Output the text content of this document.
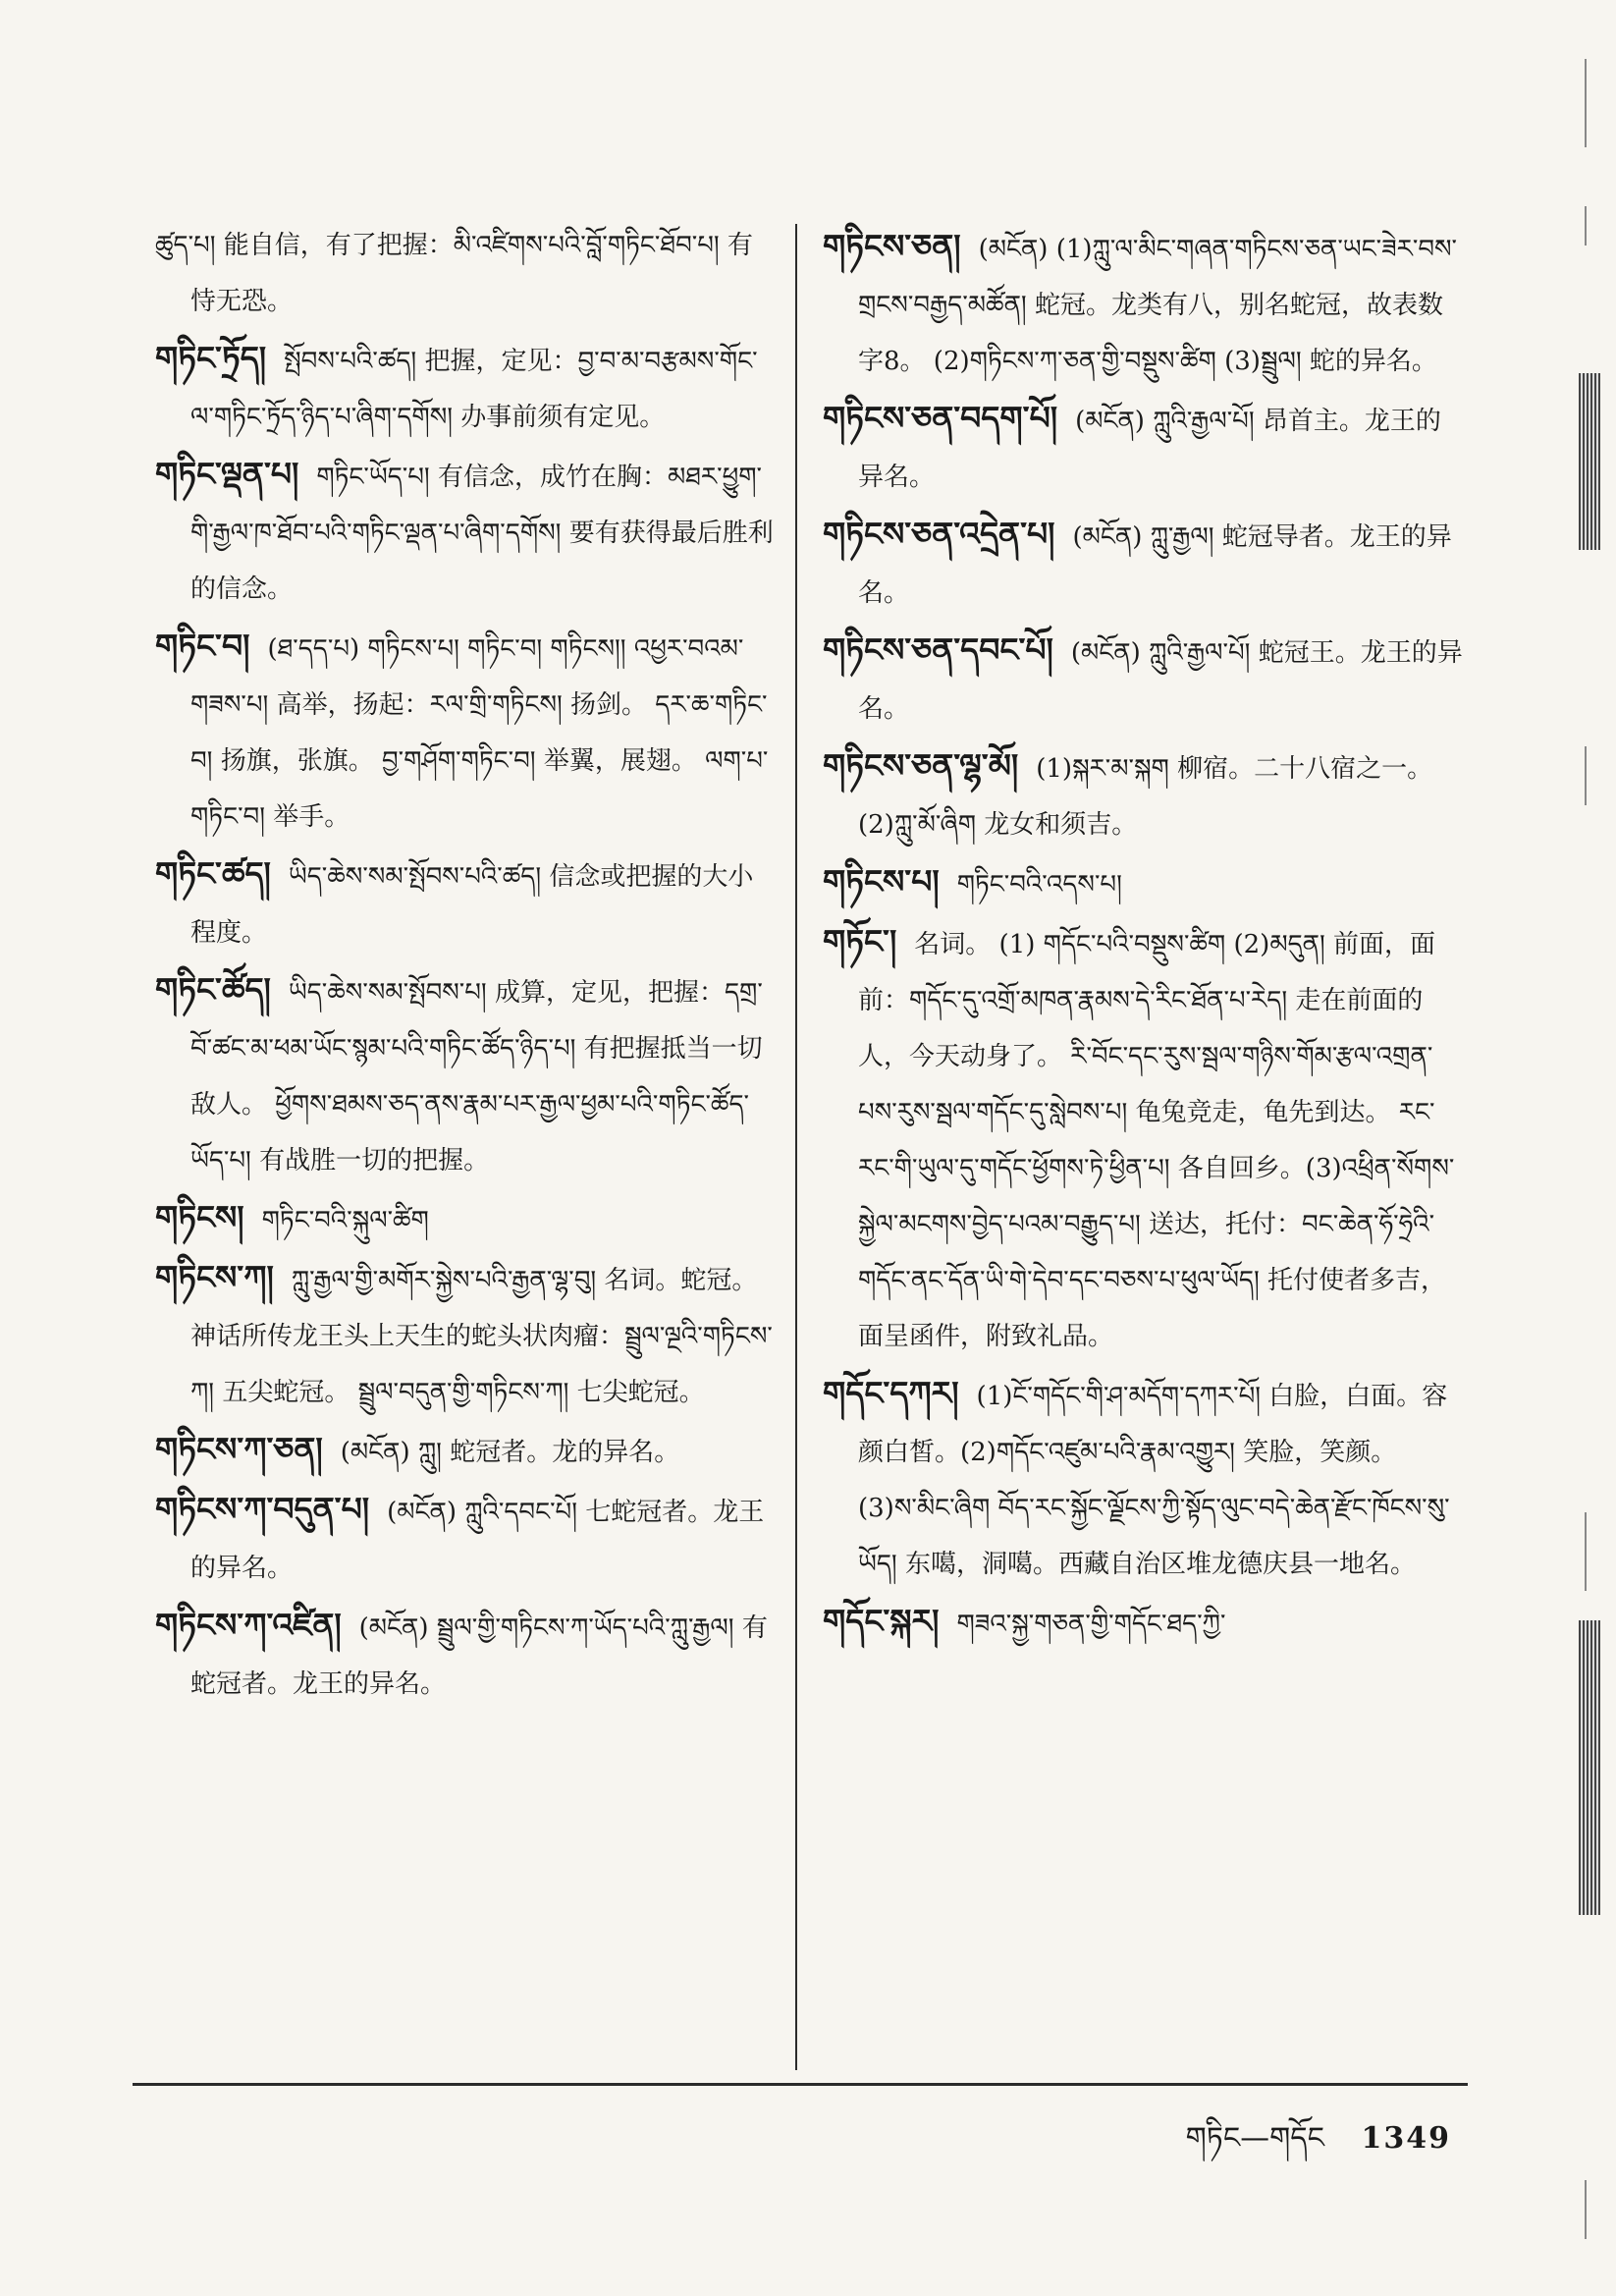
ཚུད་པ། 能自信，有了把握：མི་འཛིགས་པའི་བློ་གཏིང་ཐོབ་པ། 有恃无恐。

གཏིང་ཏྲོད། སྤོབས་པའི་ཚད། 把握，定见：བྱ་བ་མ་བརྩམས་གོང་ལ་གཏིང་ཏྲོད་ཉིད་པ་ཞིག་དགོས། 办事前须有定见。

གཏིང་ལྡན་པ། གཏིང་ཡོད་པ། 有信念，成竹在胸：མཐར་ཕྱུག་གི་རྒྱལ་ཁ་ཐོབ་པའི་གཏིང་ལྡན་པ་ཞིག་དགོས། 要有获得最后胜利的信念。

གཏིང་བ། (ཐ་དད་པ) གཏིངས་པ། གཏིང་བ། གཏིངས།། འཕྱར་བའམ་གཟས་པ། 高举，扬起：རལ་གྲི་གཏིངས། 扬剑。 དར་ཆ་གཏིང་བ། 扬旗，张旗。 བྱ་གཤོག་གཏིང་བ། 举翼，展翅。 ལག་པ་གཏིང་བ། 举手。

གཏིང་ཚད། ཡིད་ཆེས་སམ་སྤོབས་པའི་ཚད། 信念或把握的大小程度。

གཏིང་ཚོད། ཡིད་ཆེས་སམ་སྤོབས་པ། 成算，定见，把握：དགྲ་བོ་ཚང་མ་ཕམ་ཡོང་སྙམ་པའི་གཏིང་ཚོད་ཉིད་པ། 有把握抵当一切敌人。 ཕྱོགས་ཐམས་ཅད་ནས་རྣམ་པར་རྒྱལ་ཕྱམ་པའི་གཏིང་ཚོད་ཡོད་པ། 有战胜一切的把握。

གཏིངས། གཏིང་བའི་སྐུལ་ཚིག

གཏིངས་ཀ། ཀླུ་རྒྱལ་གྱི་མགོར་སྐྱེས་པའི་རྒྱན་ལྷ་བུ། 名词。蛇冠。神话所传龙王头上天生的蛇头状肉瘤：སྦྲུལ་ལྔའི་གཏིངས་ཀ། 五尖蛇冠。 སྦྲུལ་བདུན་གྱི་གཏིངས་ཀ། 七尖蛇冠。

གཏིངས་ཀ་ཅན། (མངོན) ཀླུ། 蛇冠者。龙的异名。

གཏིངས་ཀ་བདུན་པ། (མངོན) ཀླུའི་དབང་པོ། 七蛇冠者。龙王的异名。

གཏིངས་ཀ་འཛིན། (མངོན) སྦྲུལ་གྱི་གཏིངས་ཀ་ཡོད་པའི་ཀླུ་རྒྱལ། 有蛇冠者。龙王的异名。

གཏིངས་ཅན། (མངོན) (1)ཀླུ་ལ་མིང་གཞན་གཏིངས་ཅན་ཡང་ཟེར་བས་གྲངས་བརྒྱད་མཚོན། 蛇冠。龙类有八，别名蛇冠，故表数字8。 (2)གཏིངས་ཀ་ཅན་གྱི་བསྡུས་ཚིག (3)སྦྲུལ། 蛇的异名。

གཏིངས་ཅན་བདག་པོ། (མངོན) ཀླུའི་རྒྱལ་པོ། 昂首主。龙王的异名。

གཏིངས་ཅན་འདྲེན་པ། (མངོན) ཀླུ་རྒྱལ། 蛇冠导者。龙王的异名。

གཏིངས་ཅན་དབང་པོ། (མངོན) ཀླུའི་རྒྱལ་པོ། 蛇冠王。龙王的异名。

གཏིངས་ཅན་ལྷ་མོ། (1)སྐར་མ་སྐག 柳宿。二十八宿之一。(2)ཀླུ་མོ་ཞིག 龙女和须吉。

གཏིངས་པ། གཏིང་བའི་འདས་པ།

གཏོང་། 名词。 (1) གདོང་པའི་བསྡུས་ཚིག (2)མདུན། 前面，面前：གདོང་དུ་འགྲོ་མཁན་རྣམས་དེ་རིང་ཐོན་པ་རེད། 走在前面的人，今天动身了。 རི་བོང་དང་རུས་སྦལ་གཉིས་གོམ་རྩལ་འགྲན་པས་རུས་སྦལ་གདོང་དུ་སླེབས་པ། 龟兔竞走，龟先到达。 རང་རང་གི་ཡུལ་དུ་གདོང་ཕྱོགས་ཏེ་ཕྱིན་པ། 各自回乡。(3)འཕྲིན་སོགས་སྐྱེལ་མངགས་བྱེད་པའམ་བརྒྱུད་པ། 送达，托付：བང་ཆེན་ཧོ་ཧྲེའི་གདོང་ནང་དོན་ཡི་གེ་དེབ་དང་བཅས་པ་ཕུལ་ཡོད། 托付使者多吉，面呈函件，附致礼品。

གདོང་དཀར། (1)ངོ་གདོང་གི་ཤ་མདོག་དཀར་པོ། 白脸，白面。容颜白皙。(2)གདོང་འཛུམ་པའི་རྣམ་འགྱུར། 笑脸，笑颜。 (3)ས་མིང་ཞིག བོད་རང་སྐྱོང་ལྗོངས་ཀྱི་སྟོད་ལུང་བདེ་ཆེན་རྫོང་ཁོངས་སུ་ཡོད། 东噶，洞噶。西藏自治区堆龙德庆县一地名。

གདོང་སྐར། གཟའ་སྐྱ་གཅན་གྱི་གདོང་ཐད་ཀྱི་

གཏིང—གདོང 1349
